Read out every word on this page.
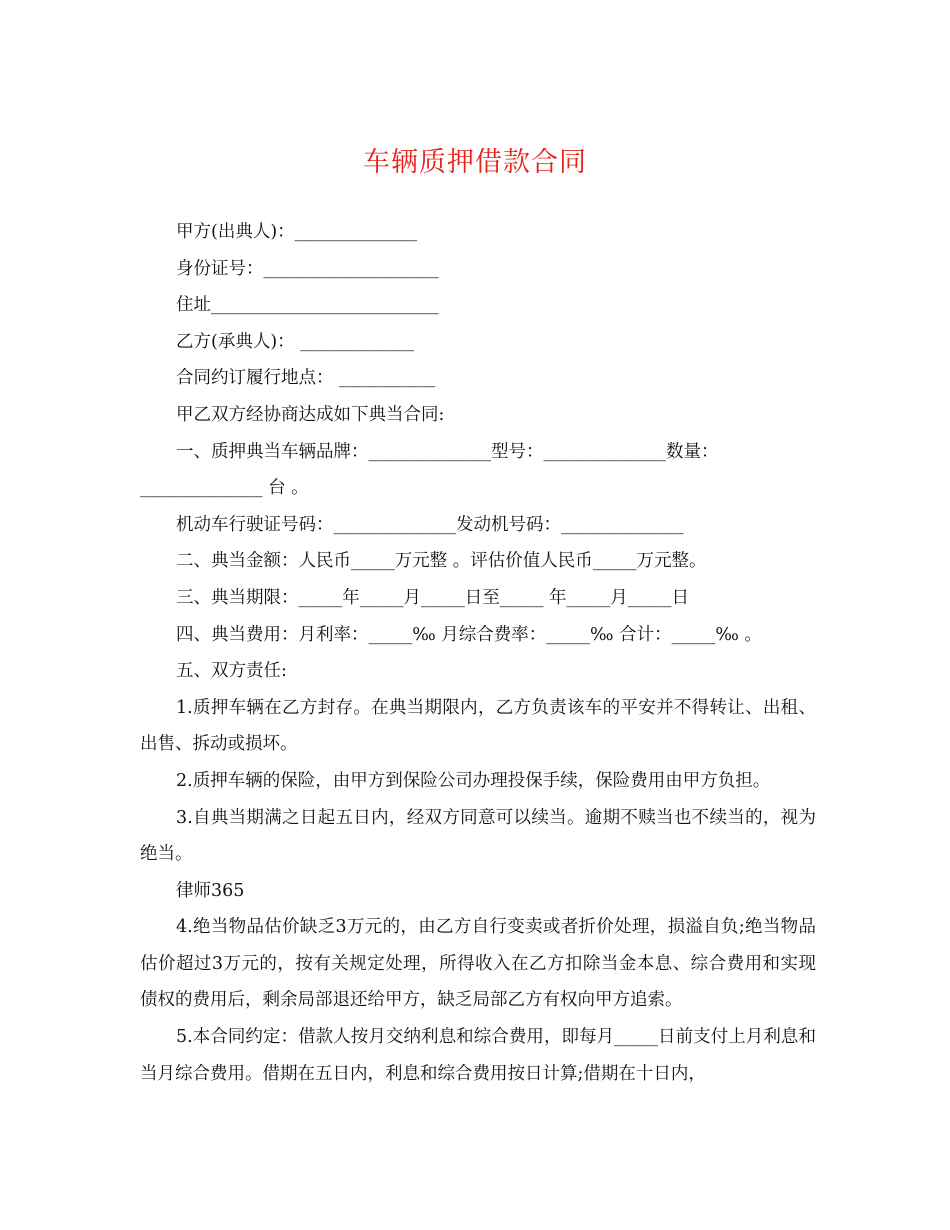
车辆质押借款合同
甲方(出典人)：______________
身份证号：____________________
住址__________________________
乙方(承典人)： _____________
合同约订履行地点： ___________
甲乙双方经协商达成如下典当合同:
一、质押典当车辆品牌：______________型号：______________数量：
______________ 台 。
机动车行驶证号码：______________发动机号码：______________
二、典当金额：人民币_____万元整 。评估价值人民币_____万元整。
三、典当期限：_____年_____月_____日至_____ 年_____月_____日
四、典当费用：月利率：_____‰ 月综合费率：_____‰ 合计：_____‰ 。
五、双方责任:
1.质押车辆在乙方封存。在典当期限内，乙方负责该车的平安并不得转让、出租、出售、拆动或损坏。
2.质押车辆的保险，由甲方到保险公司办理投保手续，保险费用由甲方负担。
3.自典当期满之日起五日内，经双方同意可以续当。逾期不赎当也不续当的，视为绝当。
律师365
4.绝当物品估价缺乏3万元的，由乙方自行变卖或者折价处理，损溢自负;绝当物品估价超过3万元的，按有关规定处理，所得收入在乙方扣除当金本息、综合费用和实现债权的费用后，剩余局部退还给甲方，缺乏局部乙方有权向甲方追索。
5.本合同约定：借款人按月交纳利息和综合费用，即每月_____日前支付上月利息和当月综合费用。借期在五日内，利息和综合费用按日计算;借期在十日内，
